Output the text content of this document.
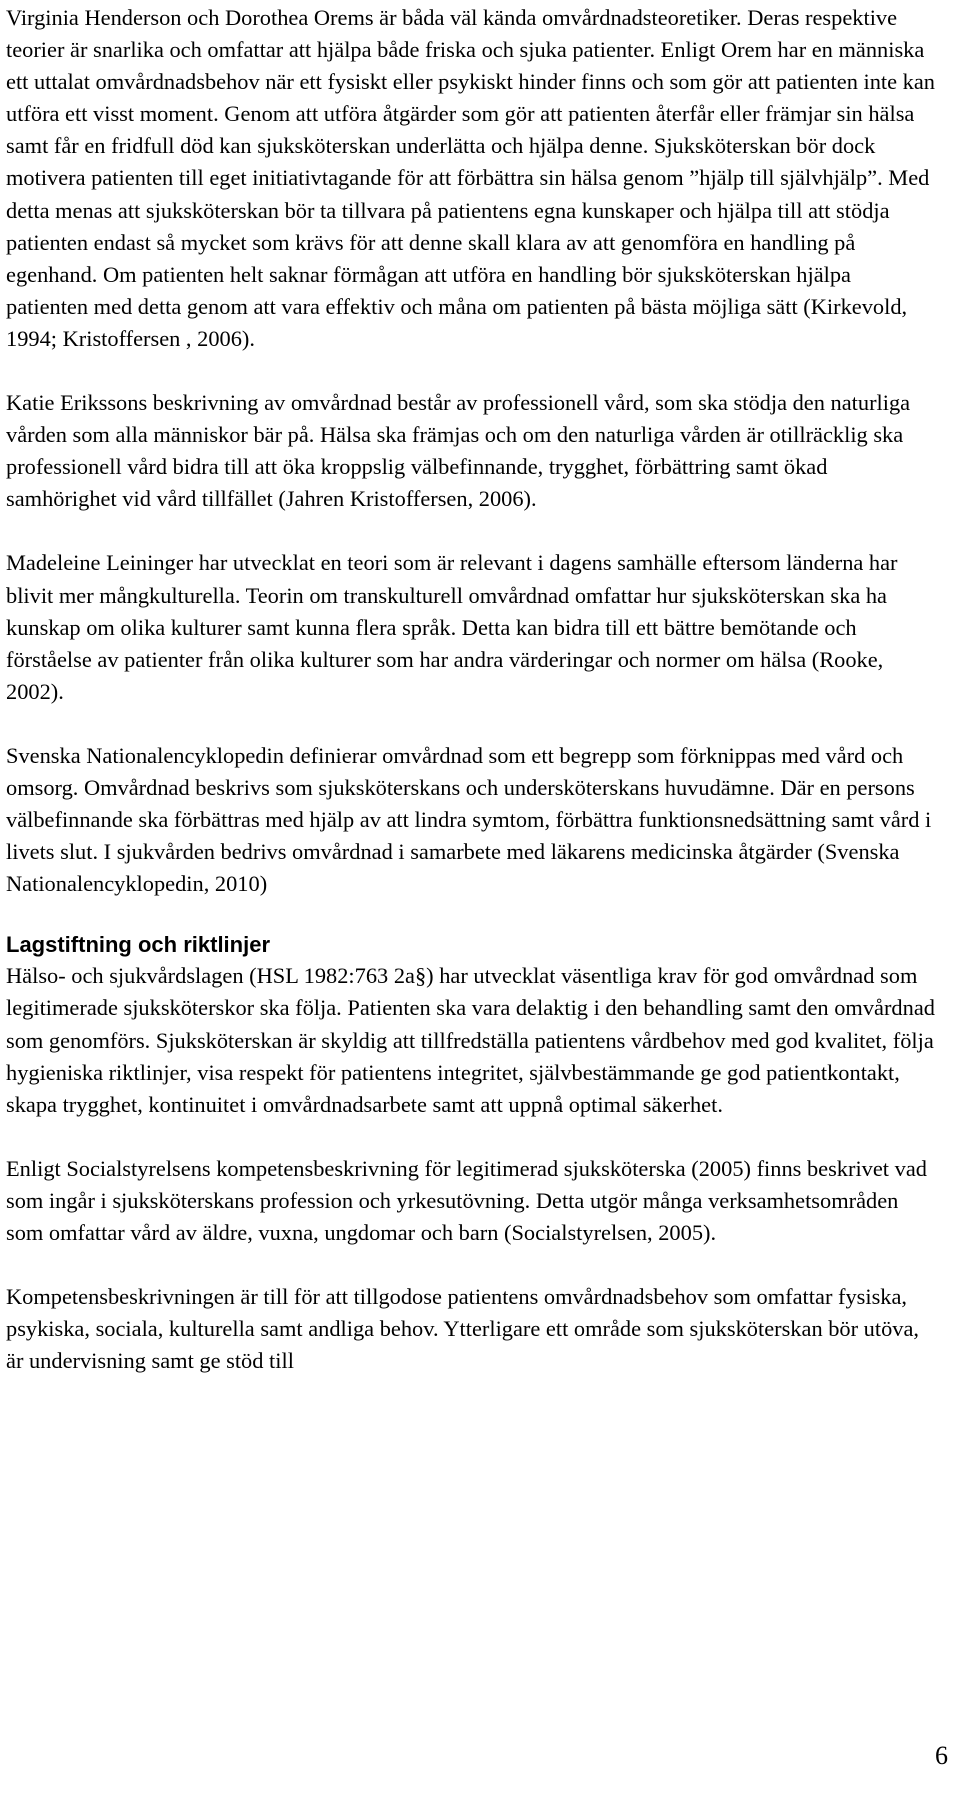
Virginia Henderson och Dorothea Orems är båda väl kända omvårdnadsteoretiker. Deras respektive teorier är snarlika och omfattar att hjälpa både friska och sjuka patienter. Enligt Orem har en människa ett uttalat omvårdnadsbehov när ett fysiskt eller psykiskt hinder finns och som gör att patienten inte kan utföra ett visst moment. Genom att utföra åtgärder som gör att patienten återfår eller främjar sin hälsa samt får en fridfull död kan sjuksköterskan underlätta och hjälpa denne. Sjuksköterskan bör dock motivera patienten till eget initiativtagande för att förbättra sin hälsa genom ”hjälp till självhjälp”. Med detta menas att sjuksköterskan bör ta tillvara på patientens egna kunskaper och hjälpa till att stödja patienten endast så mycket som krävs för att denne skall klara av att genomföra en handling på egenhand. Om patienten helt saknar förmågan att utföra en handling bör sjuksköterskan hjälpa patienten med detta genom att vara effektiv och måna om patienten på bästa möjliga sätt (Kirkevold, 1994; Kristoffersen , 2006).

Katie Erikssons beskrivning av omvårdnad består av professionell vård, som ska stödja den naturliga vården som alla människor bär på. Hälsa ska främjas och om den naturliga vården är otillräcklig ska professionell vård bidra till att öka kroppslig välbefinnande, trygghet, förbättring samt ökad samhörighet vid vård tillfället (Jahren Kristoffersen, 2006).

Madeleine Leininger har utvecklat en teori som är relevant i dagens samhälle eftersom länderna har blivit mer mångkulturella. Teorin om transkulturell omvårdnad omfattar hur sjuksköterskan ska ha kunskap om olika kulturer samt kunna flera språk. Detta kan bidra till ett bättre bemötande och förståelse av patienter från olika kulturer som har andra värderingar och normer om hälsa (Rooke, 2002).

Svenska Nationalencyklopedin definierar omvårdnad som ett begrepp som förknippas med vård och omsorg. Omvårdnad beskrivs som sjuksköterskans och undersköterskans huvudämne. Där en persons välbefinnande ska förbättras med hjälp av att lindra symtom, förbättra funktionsnedsättning samt vård i livets slut. I sjukvården bedrivs omvårdnad i samarbete med läkarens medicinska åtgärder (Svenska Nationalencyklopedin, 2010)

Lagstiftning och riktlinjer

Hälso- och sjukvårdslagen (HSL 1982:763 2a§) har utvecklat väsentliga krav för god omvårdnad som legitimerade sjuksköterskor ska följa. Patienten ska vara delaktig i den behandling samt den omvårdnad som genomförs. Sjuksköterskan är skyldig att tillfredställa patientens vårdbehov med god kvalitet, följa hygieniska riktlinjer, visa respekt för patientens integritet, självbestämmande ge god patientkontakt, skapa trygghet, kontinuitet i omvårdnadsarbete samt att uppnå optimal säkerhet.

Enligt Socialstyrelsens kompetensbeskrivning för legitimerad sjuksköterska (2005) finns beskrivet vad som ingår i sjuksköterskans profession och yrkesutövning. Detta utgör många verksamhetsområden som omfattar vård av äldre, vuxna, ungdomar och barn (Socialstyrelsen, 2005).

Kompetensbeskrivningen är till för att tillgodose patientens omvårdnadsbehov som omfattar fysiska, psykiska, sociala, kulturella samt andliga behov. Ytterligare ett område som sjuksköterskan bör utöva, är undervisning samt ge stöd till

6
